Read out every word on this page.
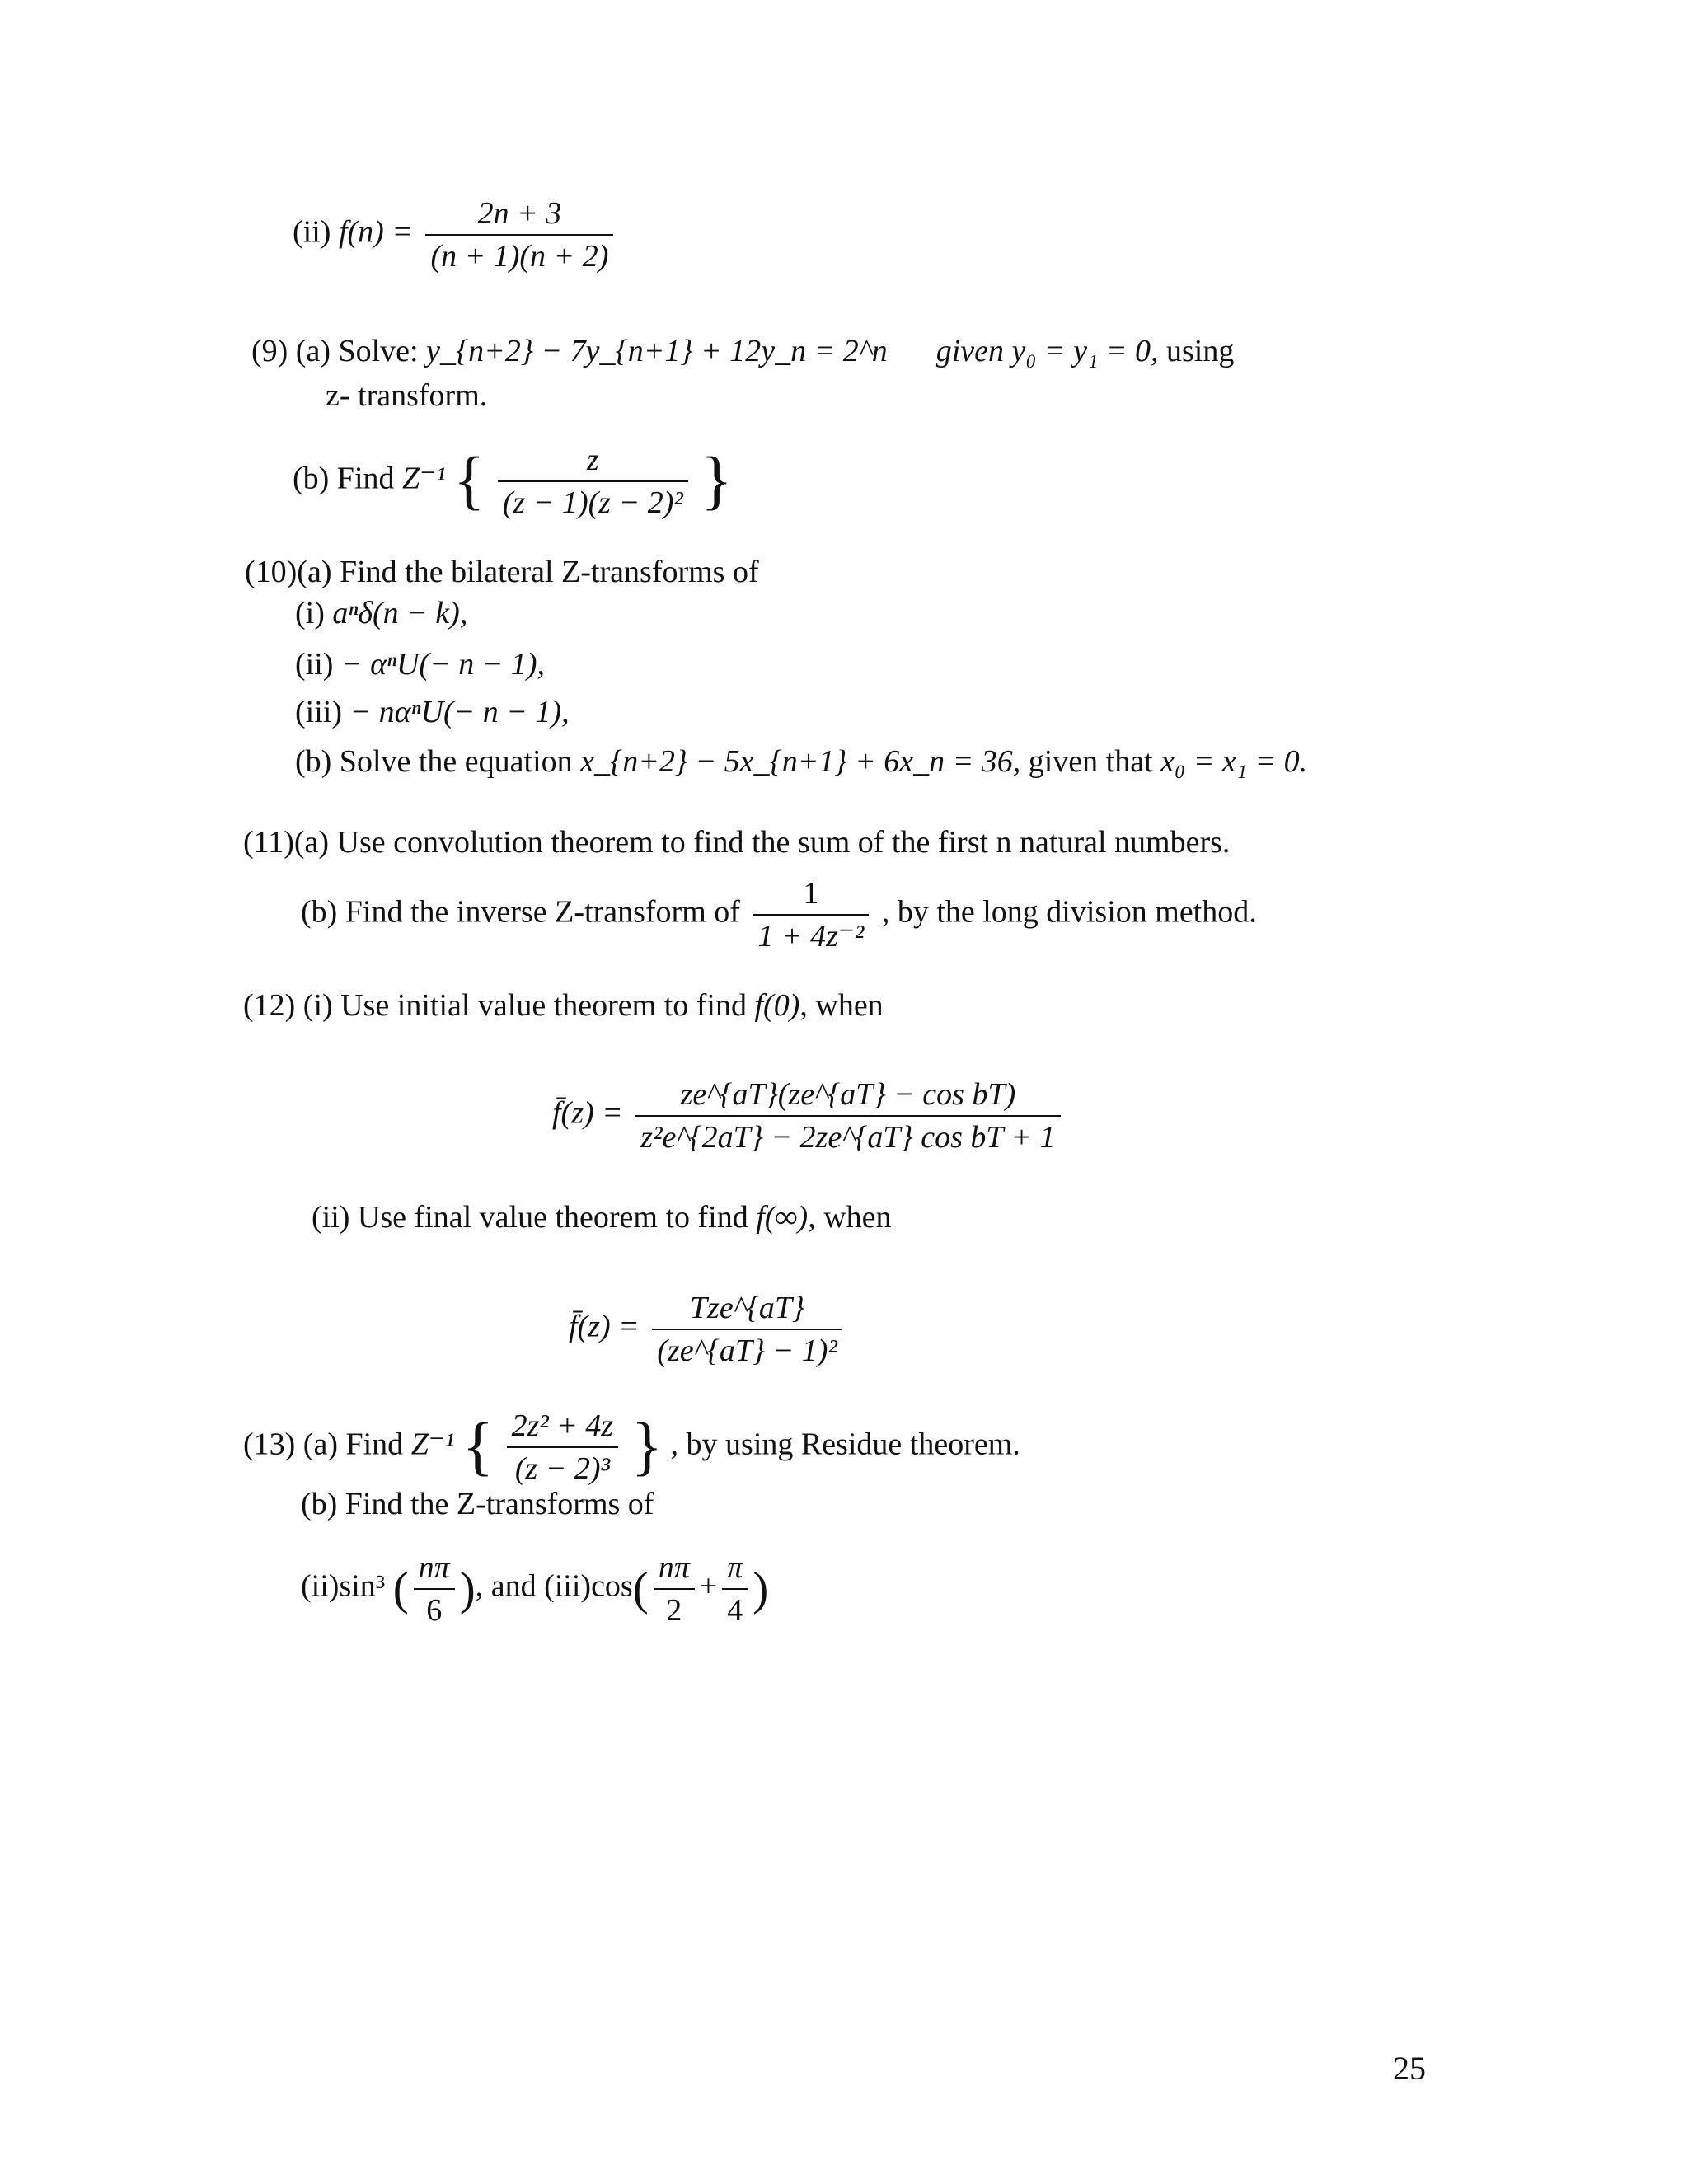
(ii) $f(n) = \frac{2n + 3}{(n + 1)(n + 2)}$
(9) (a) Solve: y_{n+2} − 7y_{n+1} + 12y_n = 2^n given y₀ = y₁ = 0, using
z- transform.
(b) Find Z⁻¹ { $\frac{z}{\text{(z − 1)(z − 2)²}}$ }
(10)(a) Find the bilateral Z-transforms of
(i) aⁿδ(n − k),
(ii) − αⁿU(− n − 1),
(iii) − nαⁿU(− n − 1),
(b) Solve the equation x_{n+2} − 5x_{n+1} + 6x_n = 36, given that x₀ = x₁ = 0.
(11)(a) Use convolution theorem to find the sum of the first n natural numbers.
(b) Find the inverse Z-transform of $\frac{1}{\text{1 + 4z⁻²}}$ , by the long division method.
(12) (i) Use initial value theorem to find f(0), when
f̄(z) = $\frac{\text{ze\textasciicircum{}\{aT\}(ze\textasciicircum{}\{aT\} − cos bT)}}{\text{z²e\textasciicircum{}\{2aT\} − 2ze\textasciicircum{}\{aT\} cos bT + 1}}$
(ii) Use final value theorem to find f(∞), when
f̄(z) = $\frac{\text{Tze\textasciicircum{}\{aT\}}}{\text{(ze\textasciicircum{}\{aT\} − 1)²}}$
(13) (a) Find Z⁻¹ { $\frac{\text{2z² + 4z}}{\text{(z − 2)³}}$ } , by using Residue theorem.
(b) Find the Z-transforms of
(ii)sin³ ( $\frac{n\pi}{6}$ ), and $(iii)\cos( \frac{n\pi}{2} + \frac{\pi}{4}$ )
25
